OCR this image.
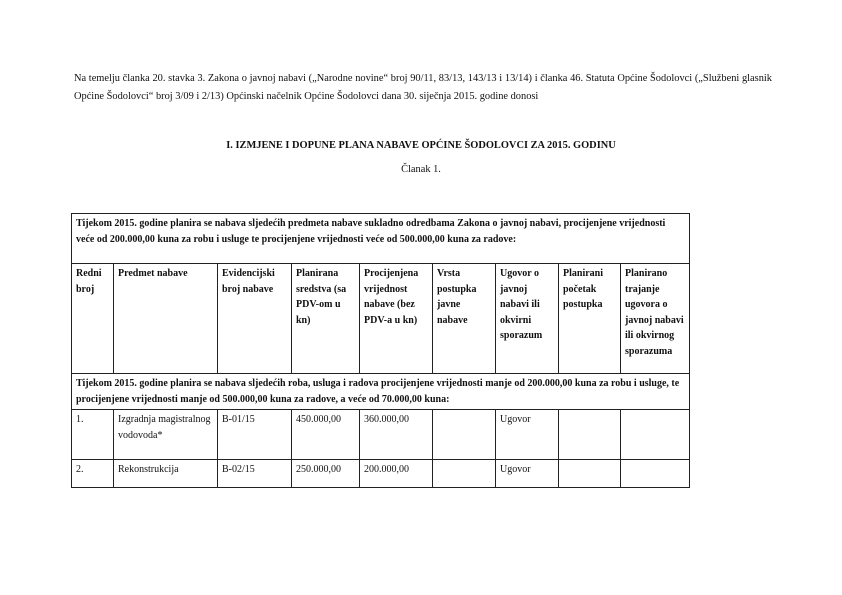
Na temelju članka 20. stavka 3. Zakona o javnoj nabavi („Narodne novine“ broj 90/11, 83/13, 143/13 i 13/14) i članka 46. Statuta Općine Šodolovci („Službeni glasnik Općine Šodolovci“ broj 3/09 i 2/13) Općinski načelnik Općine Šodolovci dana 30. siječnja 2015. godine donosi

I. IZMJENE I DOPUNE PLANA NABAVE OPĆINE ŠODOLOVCI ZA 2015. GODINU

Članak 1.

Tijekom 2015. godine planira se nabava sljedećih predmeta nabave sukladno odredbama Zakona o javnoj nabavi, procijenjene vrijednosti veće od 200.000,00 kuna za robu i usluge te procijenjene vrijednosti veće od 500.000,00 kuna za radove:								
Redni broj	Predmet nabave	Evidencijski broj nabave	Planirana sredstva (sa PDV-om u kn)	Procijenjena vrijednost nabave (bez PDV-a u kn)	Vrsta postupka javne nabave	Ugovor o javnoj nabavi ili okvirni sporazum	Planirani početak postupka	Planirano trajanje ugovora o javnoj nabavi ili okvirnog sporazuma
Tijekom 2015. godine planira se nabava sljedećih roba, usluga i radova procijenjene vrijednosti manje od 200.000,00 kuna za robu i usluge, te procijenjene vrijednosti manje od 500.000,00 kuna za radove, a veće od 70.000,00 kuna:								
1.	Izgradnja magistralnog vodovoda*	B-01/15	450.000,00	360.000,00		Ugovor		
2.	Rekonstrukcija	B-02/15	250.000,00	200.000,00		Ugovor		
